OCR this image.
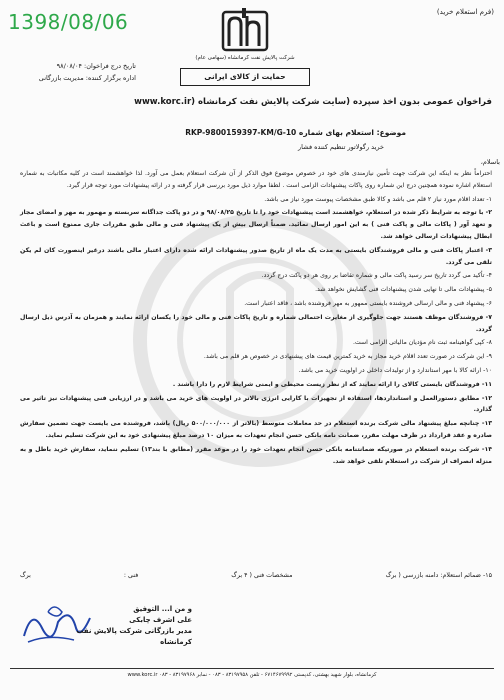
1398/08/06	(فرم استعلام خرید)
شرکت پالایش نفت کرمانشاه (سهامی عام)
تاریخ درج فراخوان: ۹۸/۰۸/۰۴
اداره برگزار کننده: مدیریت بازرگانی	حمایت از کالای ایرانی
فراخوان عمومی بدون اخذ سپرده (سایت شرکت پالایش نفت کرمانشاه (www.korc.ir
موضوع: استعلام بهای شماره RKP-9800159397-KM/G-10
خرید رگولاتور تنظیم کننده فشار
باسلام،

احتراماً نظر به اینکه این شرکت جهت تأمین نیازمندی های خود در خصوص موضوع فوق الذکر از آن شرکت استعلام بعمل می آورد. لذا خواهشمند است در کلیه مکاتبات به شماره استعلام اشاره نموده همچنین درج این شماره روی پاکات پیشنهادات الزامی است . لطفا موارد ذیل مورد بررسی قرار گرفته و در ارائه پیشنهادات مورد توجه قرار گیرد.

۱- تعداد اقلام مورد نیاز ۲ قلم می باشد و کالا طبق مشخصات پیوست مورد نیاز می باشد.

۲- با توجه به شرایط ذکر شده در استعلام، خواهشمند است پیشنهادات خود را تا تاریخ ۹۸/۰۸/۲۵ و در دو پاکت جداگانه سربسته و مهمور به مهر و امضای مجاز و تعهد آور ( پاکات مالی و پاکت فنی ) به این امور ارسال نمائید. ضمناً ارسال بیش از یک پیشنهاد فنی و مالی طبق مقررات جاری ممنوع است و باعث ابطال پیشنهادات ارسالی خواهد شد.

۳- اعتبار پاکات فنی و مالی فروشندگان بایستی به مدت یک ماه از تاریخ صدور پیشنهادات ارائه شده دارای اعتبار مالی باشند درغیر اینصورت کان لم یکن تلقی می گردد.

۴- تأکید می گردد تاریخ سر رسید پاکت مالی و شماره تقاضا بر روی هر دو پاکت درج گردد.

۵- پیشنهادات مالی تا نهایی شدن پیشنهادات فنی گشایش نخواهد شد.

۶- پیشنهاد فنی و مالی ارسالی فروشنده بایستی ممهور به مهر فروشنده باشد ، فاقد اعتبار است.

۷- فروشندگان موظف هستند جهت جلوگیری از مغایرت احتمالی شماره و تاریخ پاکات فنی و مالی خود را یکسان ارائه نمایند و همزمان به آدرس ذیل ارسال گردد.

۸- کپی گواهینامه ثبت نام مؤدیان مالیاتی الزامی است.

۹- این شرکت در صورت تعدد اقلام خرید مجاز به خرید کمترین قیمت های پیشنهادی در خصوص هر قلم می باشد.

۱۰- ارائه کالا با مهر استاندارد و از تولیدات داخلی در اولویت خرید می باشد.

۱۱- فروشندگان بایستی کالای را ارائه نمایند که از نظر زیست محیطی و ایمنی شرایط لازم را دارا باشند .

۱۲- مطابق دستورالعمل و استانداردها، استفاده از تجهیزات با کارایی انرژی بالاتر در اولویت های خرید می باشد و در ارزیابی فنی پیشنهادات نیز تاثیر می گذارد.

۱۳- چنانچه مبلغ پیشنهاد مالی شرکت برنده استعلام در حد معاملات متوسط (بالاتر از ۵۰۰/۰۰۰/۰۰۰ ریال) باشد، فروشنده می بایست جهت تضمین سفارش صادره و عقد قرارداد در ظرف مهلت مقرر، ضمانت نامه بانکی حسن انجام تعهدات به میزان ۱۰ درصد مبلغ پیشنهادی خود به این شرکت تسلیم نماید.

۱۴- شرکت برنده استعلام در صورتیکه ضمانتنامه بانکی حسن انجام تعهدات خود را در موعد مقرر (مطابق با بند۱۳) تسلیم ننماید، سفارش خرید باطل و به منزله انصراف از شرکت در استعلام تلقی خواهد شد.

۱۵- ضمائم استعلام: دامنه بازرسی ( برگ
مشخصات فنی ( ۴ برگ
فنی :
برگ
و من ا... التوفیق
علی اشرف چابکی
مدیر بازرگانی شرکت پالایش نفت کرمانشاه
کرمانشاه، بلوار شهید بهشتی، کدپستی ۶۷۱۴۶۷۹۹۹۲ - تلفن ۸۳۱۹۷۹۵۸ - ۰۸۳ - نمابر ۸۳۱۹۷۹۶۸ - ۰۸۳ www.korc.ir
